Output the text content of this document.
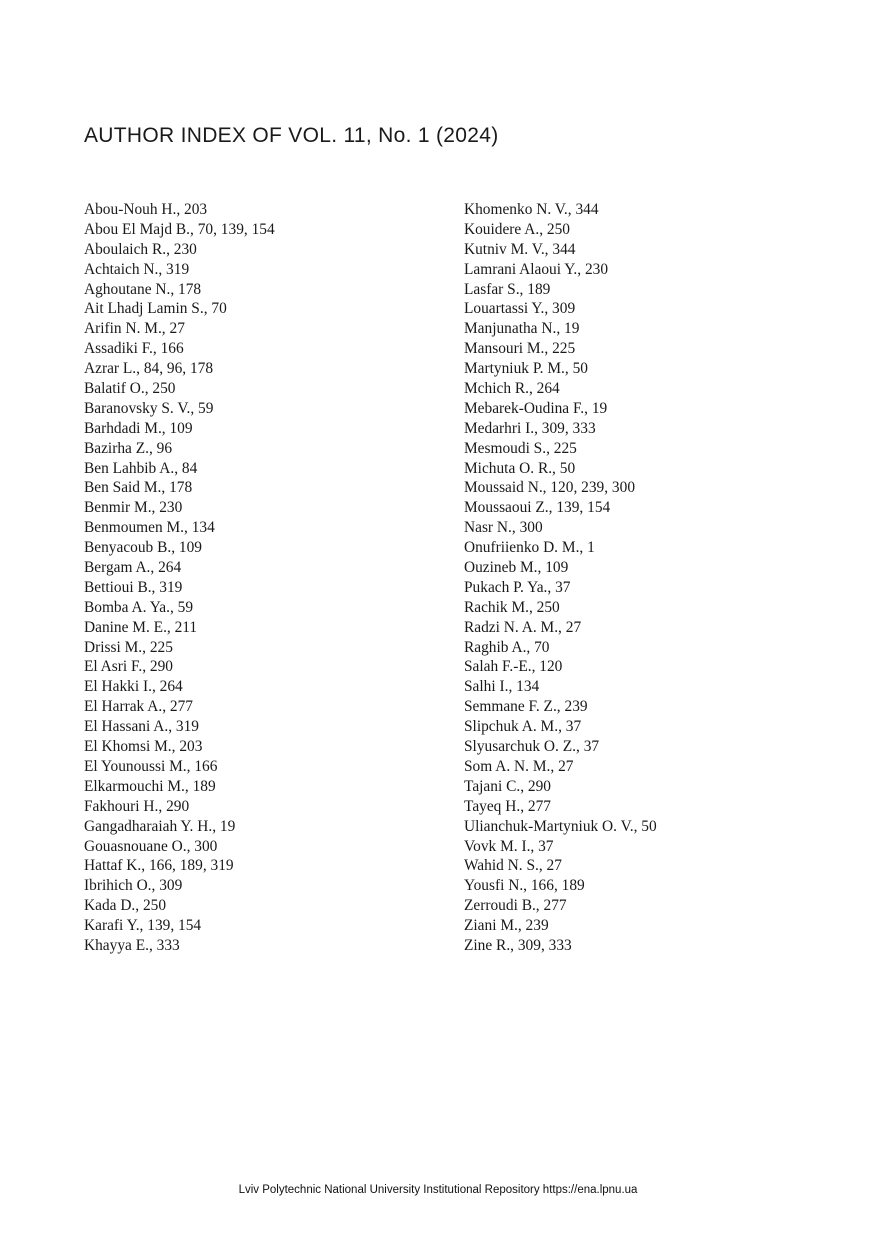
AUTHOR INDEX OF VOL. 11, No. 1 (2024)
Abou-Nouh H., 203
Abou El Majd B., 70, 139, 154
Aboulaich R., 230
Achtaich N., 319
Aghoutane N., 178
Ait Lhadj Lamin S., 70
Arifin N. M., 27
Assadiki F., 166
Azrar L., 84, 96, 178
Balatif O., 250
Baranovsky S. V., 59
Barhdadi M., 109
Bazirha Z., 96
Ben Lahbib A., 84
Ben Said M., 178
Benmir M., 230
Benmoumen M., 134
Benyacoub B., 109
Bergam A., 264
Bettioui B., 319
Bomba A. Ya., 59
Danine M. E., 211
Drissi M., 225
El Asri F., 290
El Hakki I., 264
El Harrak A., 277
El Hassani A., 319
El Khomsi M., 203
El Younoussi M., 166
Elkarmouchi M., 189
Fakhouri H., 290
Gangadharaiah Y. H., 19
Gouasnouane O., 300
Hattaf K., 166, 189, 319
Ibrihich O., 309
Kada D., 250
Karafi Y., 139, 154
Khayya E., 333
Khomenko N. V., 344
Kouidere A., 250
Kutniv M. V., 344
Lamrani Alaoui Y., 230
Lasfar S., 189
Louartassi Y., 309
Manjunatha N., 19
Mansouri M., 225
Martyniuk P. M., 50
Mchich R., 264
Mebarek-Oudina F., 19
Medarhri I., 309, 333
Mesmoudi S., 225
Michuta O. R., 50
Moussaid N., 120, 239, 300
Moussaoui Z., 139, 154
Nasr N., 300
Onufriienko D. M., 1
Ouzineb M., 109
Pukach P. Ya., 37
Rachik M., 250
Radzi N. A. M., 27
Raghib A., 70
Salah F.-E., 120
Salhi I., 134
Semmane F. Z., 239
Slipchuk A. M., 37
Slyusarchuk O. Z., 37
Som A. N. M., 27
Tajani C., 290
Tayeq H., 277
Ulianchuk-Martyniuk O. V., 50
Vovk M. I., 37
Wahid N. S., 27
Yousfi N., 166, 189
Zerroudi B., 277
Ziani M., 239
Zine R., 309, 333
Lviv Polytechnic National University Institutional Repository https://ena.lpnu.ua
